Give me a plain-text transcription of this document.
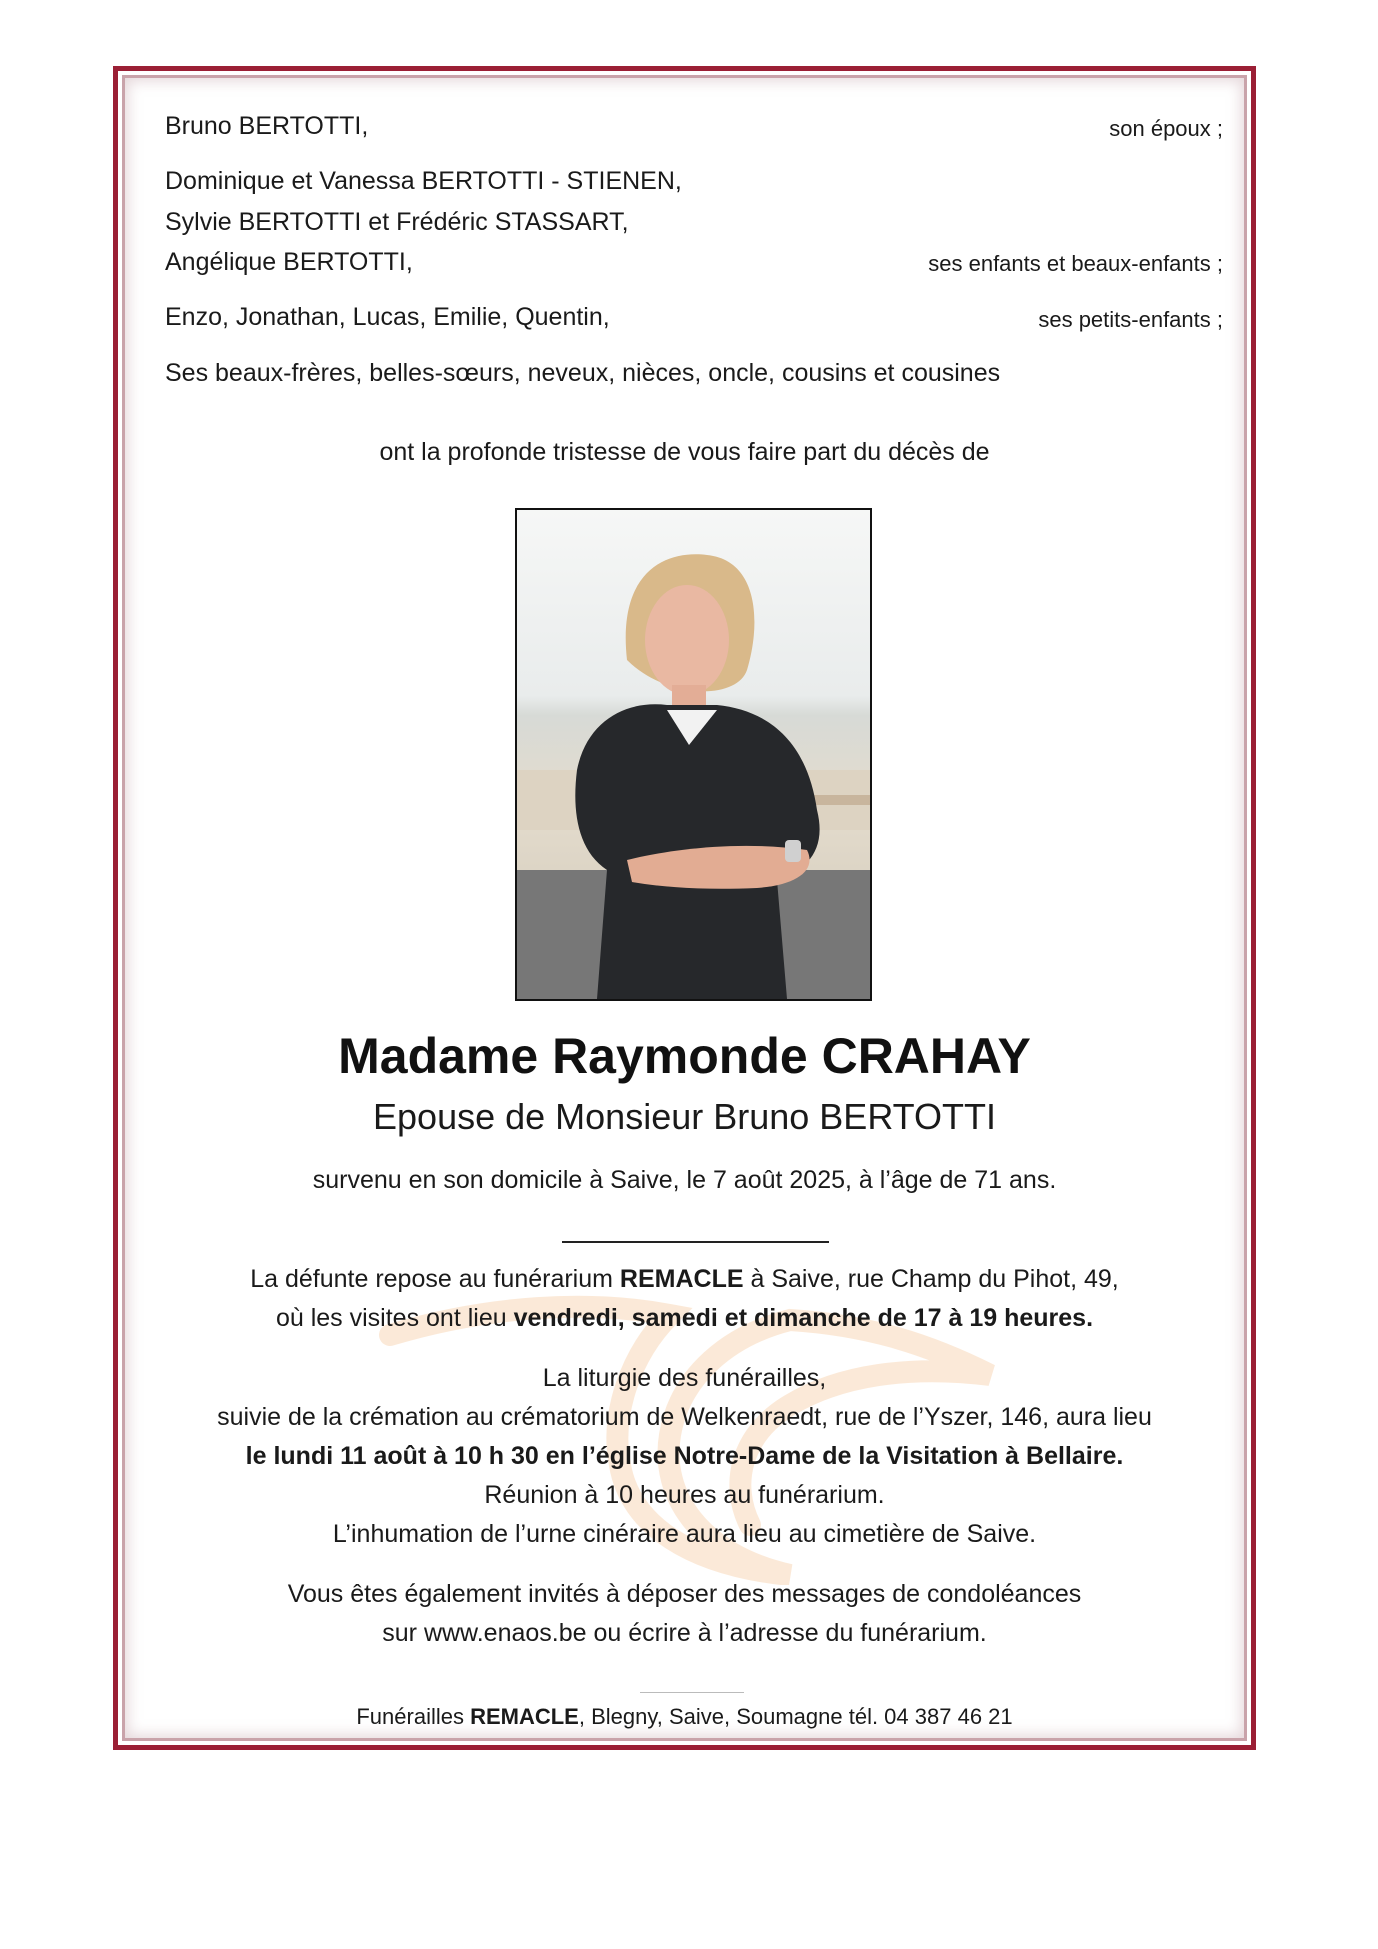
Bruno BERTOTTI,	son époux ;
Dominique et Vanessa BERTOTTI - STIENEN,
Sylvie BERTOTTI et Frédéric STASSART,
Angélique BERTOTTI,	ses enfants et beaux-enfants ;
Enzo, Jonathan, Lucas, Emilie, Quentin,	ses petits-enfants ;
Ses beaux-frères, belles-sœurs, neveux, nièces, oncle, cousins et cousines
ont la profonde tristesse de vous faire part du décès de
Madame Raymonde CRAHAY
Epouse de Monsieur Bruno BERTOTTI
survenu en son domicile à Saive, le 7 août 2025, à l’âge de 71 ans.
La défunte repose au funérarium REMACLE à Saive, rue Champ du Pihot, 49,
où les visites ont lieu vendredi, samedi et dimanche de 17 à 19 heures.
La liturgie des funérailles,
suivie de la crémation au crématorium de Welkenraedt, rue de l’Yszer, 146, aura lieu
le lundi 11 août à 10 h 30 en l’église Notre-Dame de la Visitation à Bellaire.
Réunion à 10 heures au funérarium.
L’inhumation de l’urne cinéraire aura lieu au cimetière de Saive.
Vous êtes également invités à déposer des messages de condoléances
sur www.enaos.be ou écrire à l’adresse du funérarium.
Funérailles REMACLE, Blegny, Saive, Soumagne tél. 04 387 46 21
